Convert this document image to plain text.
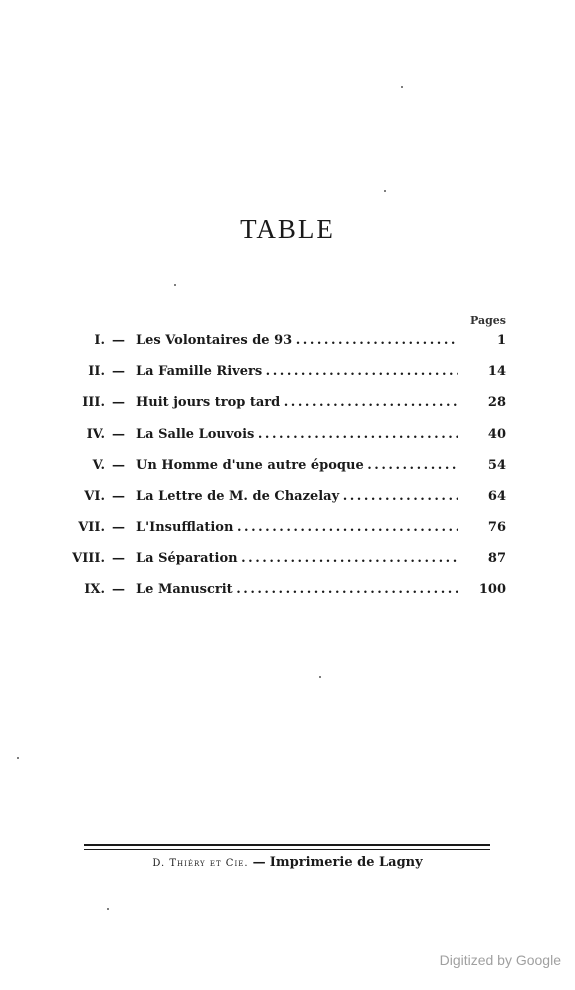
TABLE
Pages
I. — Les Volontaires de 93 . . .	1
II. — La Famille Rivers . . .	14
III. — Huit jours trop tard . . .	28
IV. — La Salle Louvois . . .	40
V. — Un Homme d'une autre époque . . .	54
VI. — La Lettre de M. de Chazelay . . .	64
VII. — L'Insufflation . . .	76
VIII. — La Séparation . . .	87
IX. — Le Manuscrit . . .	100
D. Thiéry et Cie. — Imprimerie de Lagny
Digitized by Google
